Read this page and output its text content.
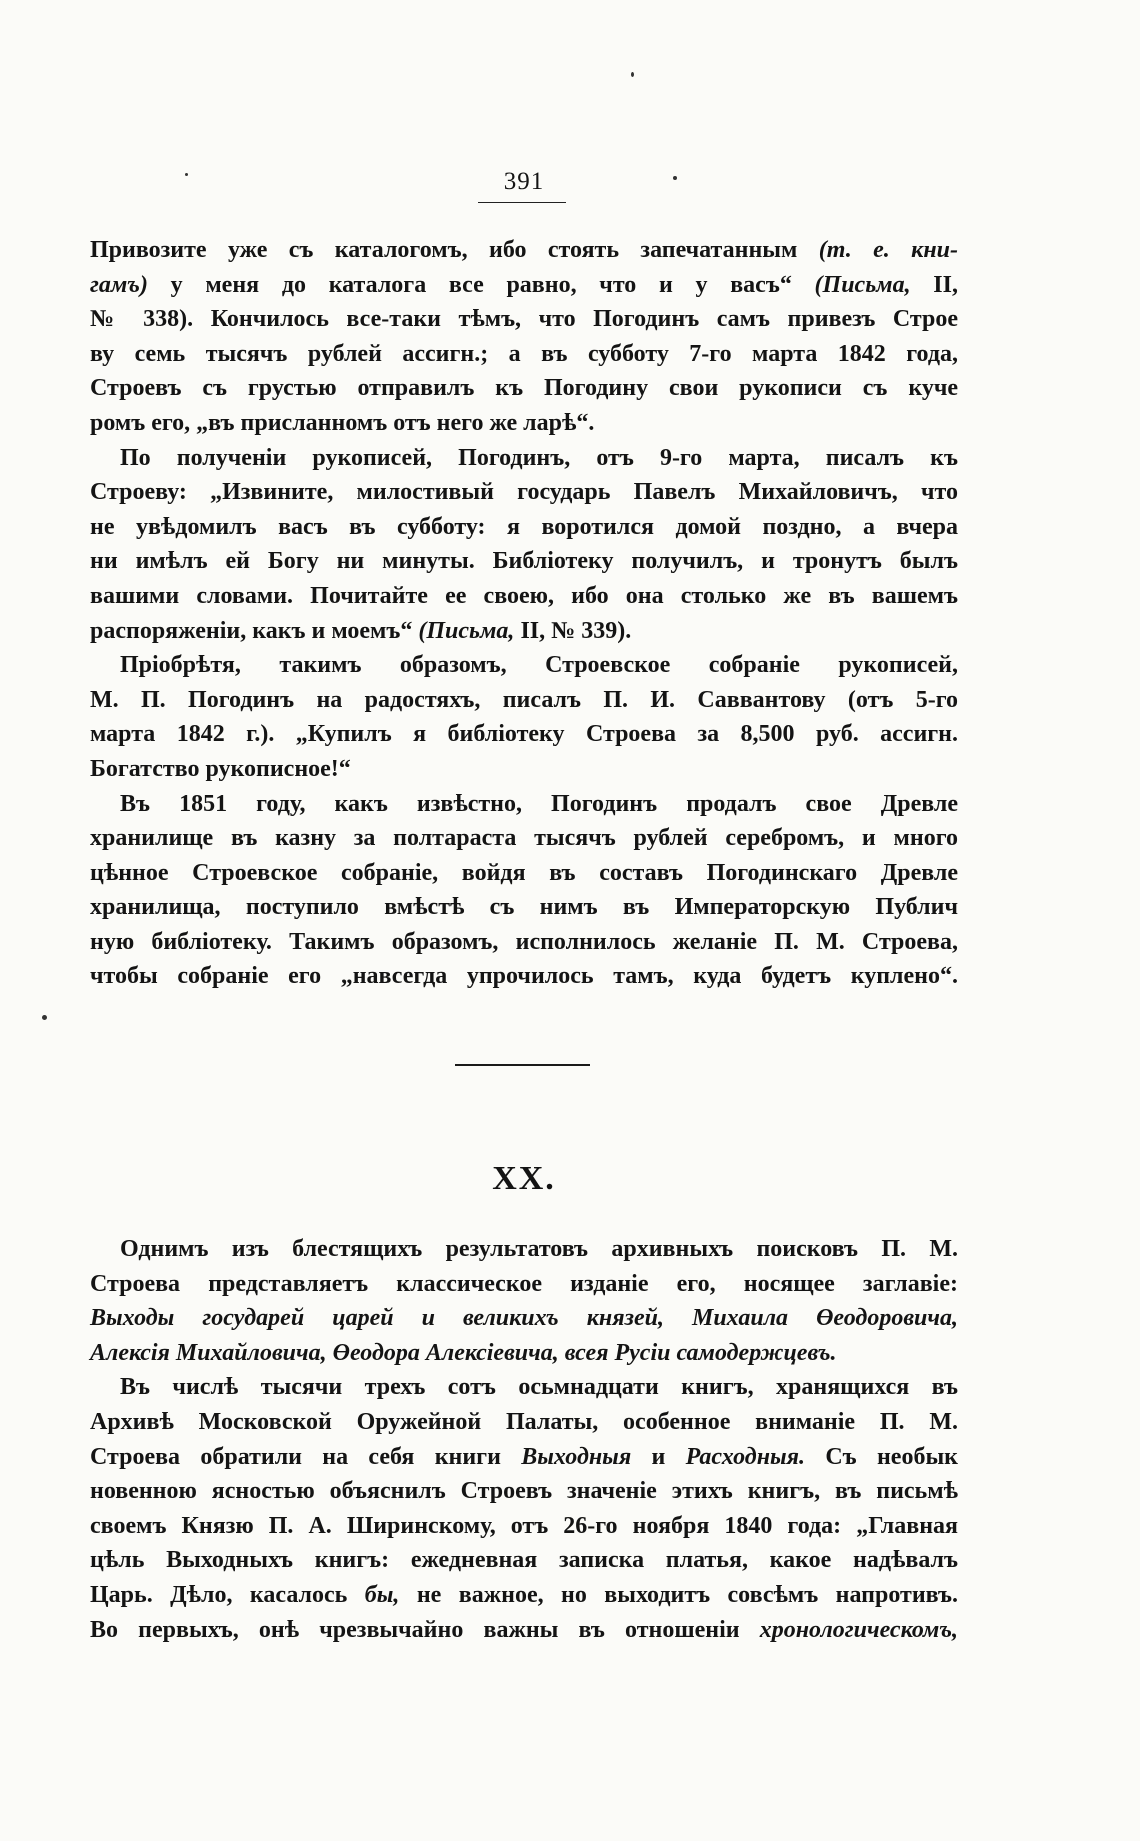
391

Привозите уже съ каталогомъ, ибо стоять запечатанным (т. е. кни-
гамъ) у меня до каталога все равно, что и у васъ“ (Письма, II,
№ 338). Кончилось все-таки тѣмъ, что Погодинъ самъ привезъ Строе
ву семь тысячъ рублей ассигн.; а въ субботу 7-го марта 1842 года,
Строевъ съ грустью отправилъ къ Погодину свои рукописи съ куче
ромъ его, „въ присланномъ отъ него же ларѣ“.

По полученіи рукописей, Погодинъ, отъ 9-го марта, писалъ къ
Строеву: „Извините, милостивый государь Павелъ Михайловичъ, что
не увѣдомилъ васъ въ субботу: я воротился домой поздно, а вчера
ни имѣлъ ей Богу ни минуты. Библіотеку получилъ, и тронутъ былъ
вашими словами. Почитайте ее своею, ибо она столько же въ вашемъ
распоряженіи, какъ и моемъ“ (Письма, II, № 339).

Пріобрѣтя, такимъ образомъ, Строевское собраніе рукописей,
М. П. Погодинъ на радостяхъ, писалъ П. И. Саввантову (отъ 5-го
марта 1842 г.). „Купилъ я библіотеку Строева за 8,500 руб. ассигн.
Богатство рукописное!“

Въ 1851 году, какъ извѣстно, Погодинъ продалъ свое Древле
хранилище въ казну за полтараста тысячъ рублей серебромъ, и много
цѣнное Строевское собраніе, войдя въ составъ Погодинскаго Древле
хранилища, поступило вмѣстѣ съ нимъ въ Императорскую Публич
ную библіотеку. Такимъ образомъ, исполнилось желаніе П. М. Строева,
чтобы собраніе его „навсегда упрочилось тамъ, куда будетъ куплено“.

XX.

Однимъ изъ блестящихъ результатовъ архивныхъ поисковъ П. М.
Строева представляетъ классическое изданіе его, носящее заглавіе:
Выходы государей царей и великихъ князей, Михаила Өеодоровича,
Алексія Михайловича, Өеодора Алексіевича, всея Русіи самодержцевъ.

Въ числѣ тысячи трехъ сотъ осьмнадцати книгъ, хранящихся въ
Архивѣ Московской Оружейной Палаты, особенное вниманіе П. М.
Строева обратили на себя книги Выходныя и Расходныя. Съ необык
новенною ясностью объяснилъ Строевъ значеніе этихъ книгъ, въ письмѣ
своемъ Князю П. А. Ширинскому, отъ 26-го ноября 1840 года: „Главная
цѣль Выходныхъ книгъ: ежедневная записка платья, какое надѣвалъ
Царь. Дѣло, касалось бы, не важное, но выходитъ совсѣмъ напротивъ.
Во первыхъ, онѣ чрезвычайно важны въ отношеніи хронологическомъ,
